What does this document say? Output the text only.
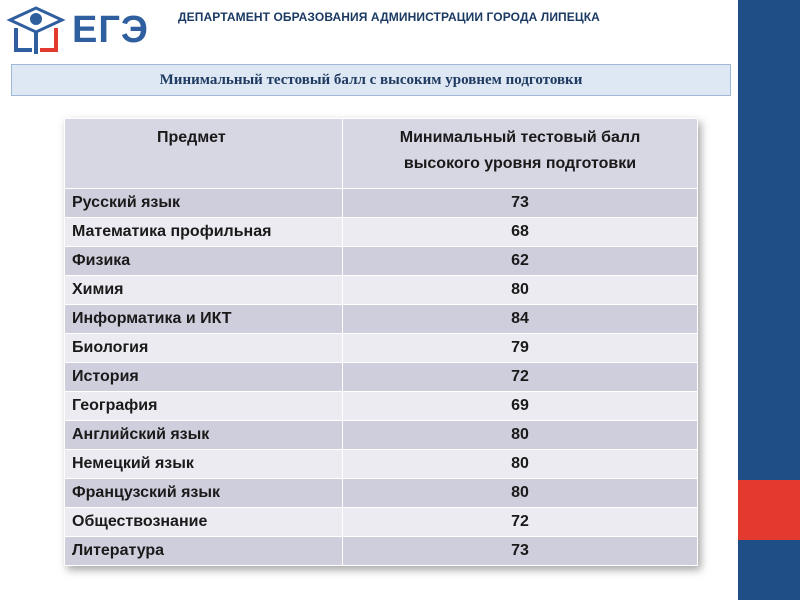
ЕГЭ ДЕПАРТАМЕНТ ОБРАЗОВАНИЯ АДМИНИСТРАЦИИ ГОРОДА ЛИПЕЦКА
Минимальный тестовый балл с высоким уровнем подготовки
Предмет	Минимальный тестовый балл
высокого уровня подготовки
Русский язык	73
Математика профильная	68
Физика	62
Химия	80
Информатика и ИКТ	84
Биология	79
История	72
География	69
Английский язык	80
Немецкий язык	80
Французский язык	80
Обществознание	72
Литература	73
